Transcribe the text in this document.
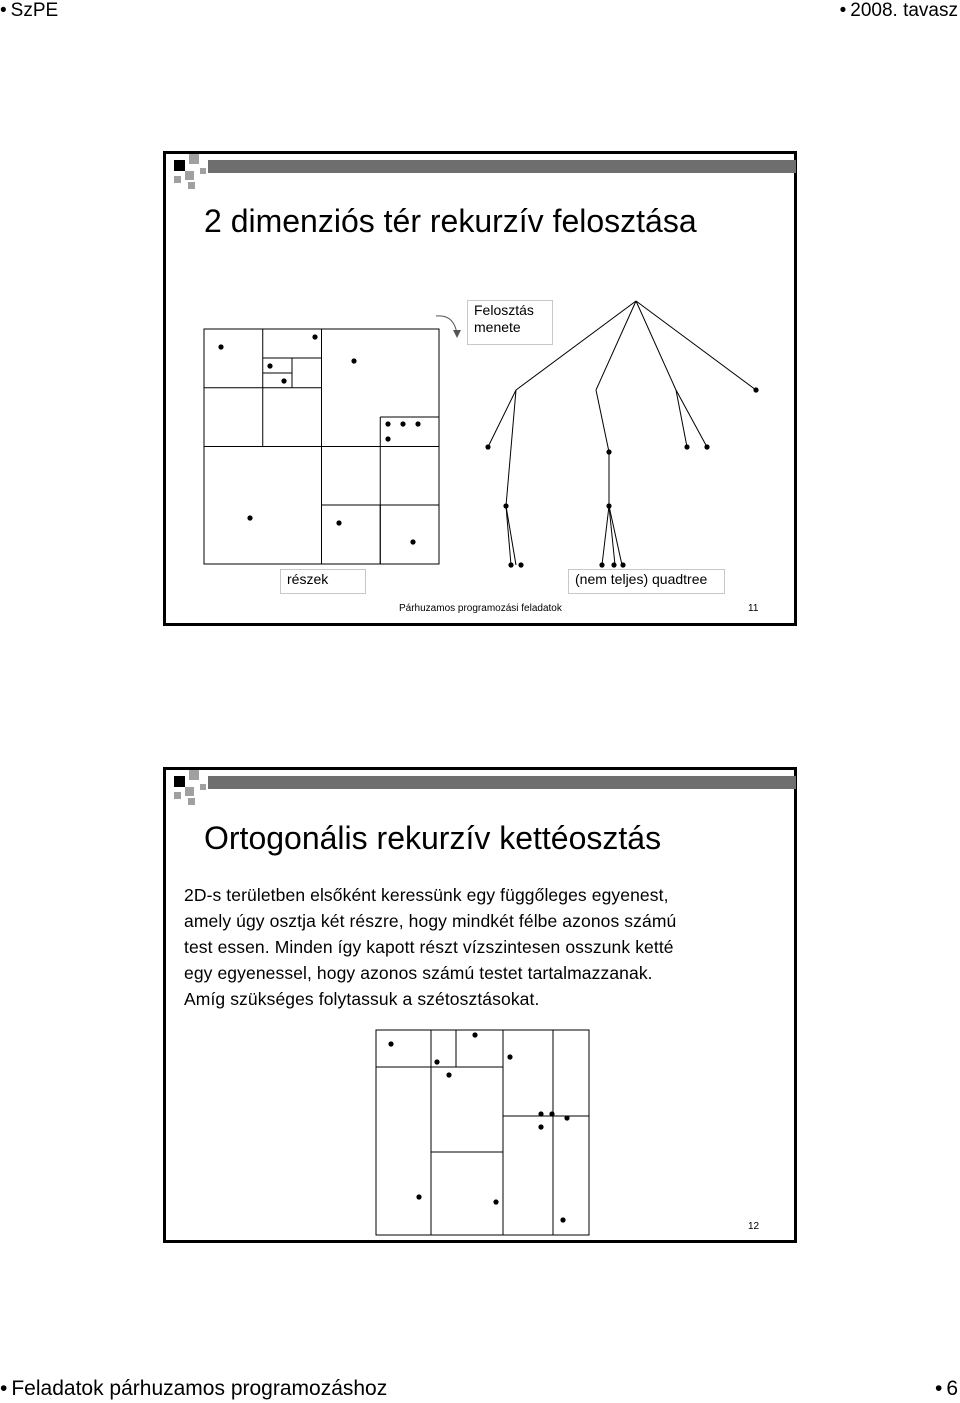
• SzPE	• 2008. tavasz
2 dimenziós tér rekurzív felosztása
Felosztás
menete
részek	(nem teljes) quadtree
Párhuzamos programozási feladatok	11
Ortogonális rekurzív kettéosztás
2D-s területben elsőként keressünk egy függőleges egyenest,
amely úgy osztja két részre, hogy mindkét félbe azonos számú
test essen. Minden így kapott részt vízszintesen osszunk ketté
egy egyenessel, hogy azonos számú testet tartalmazzanak.
Amíg szükséges folytassuk a szétosztásokat.
12
• Feladatok párhuzamos programozáshoz	• 6
